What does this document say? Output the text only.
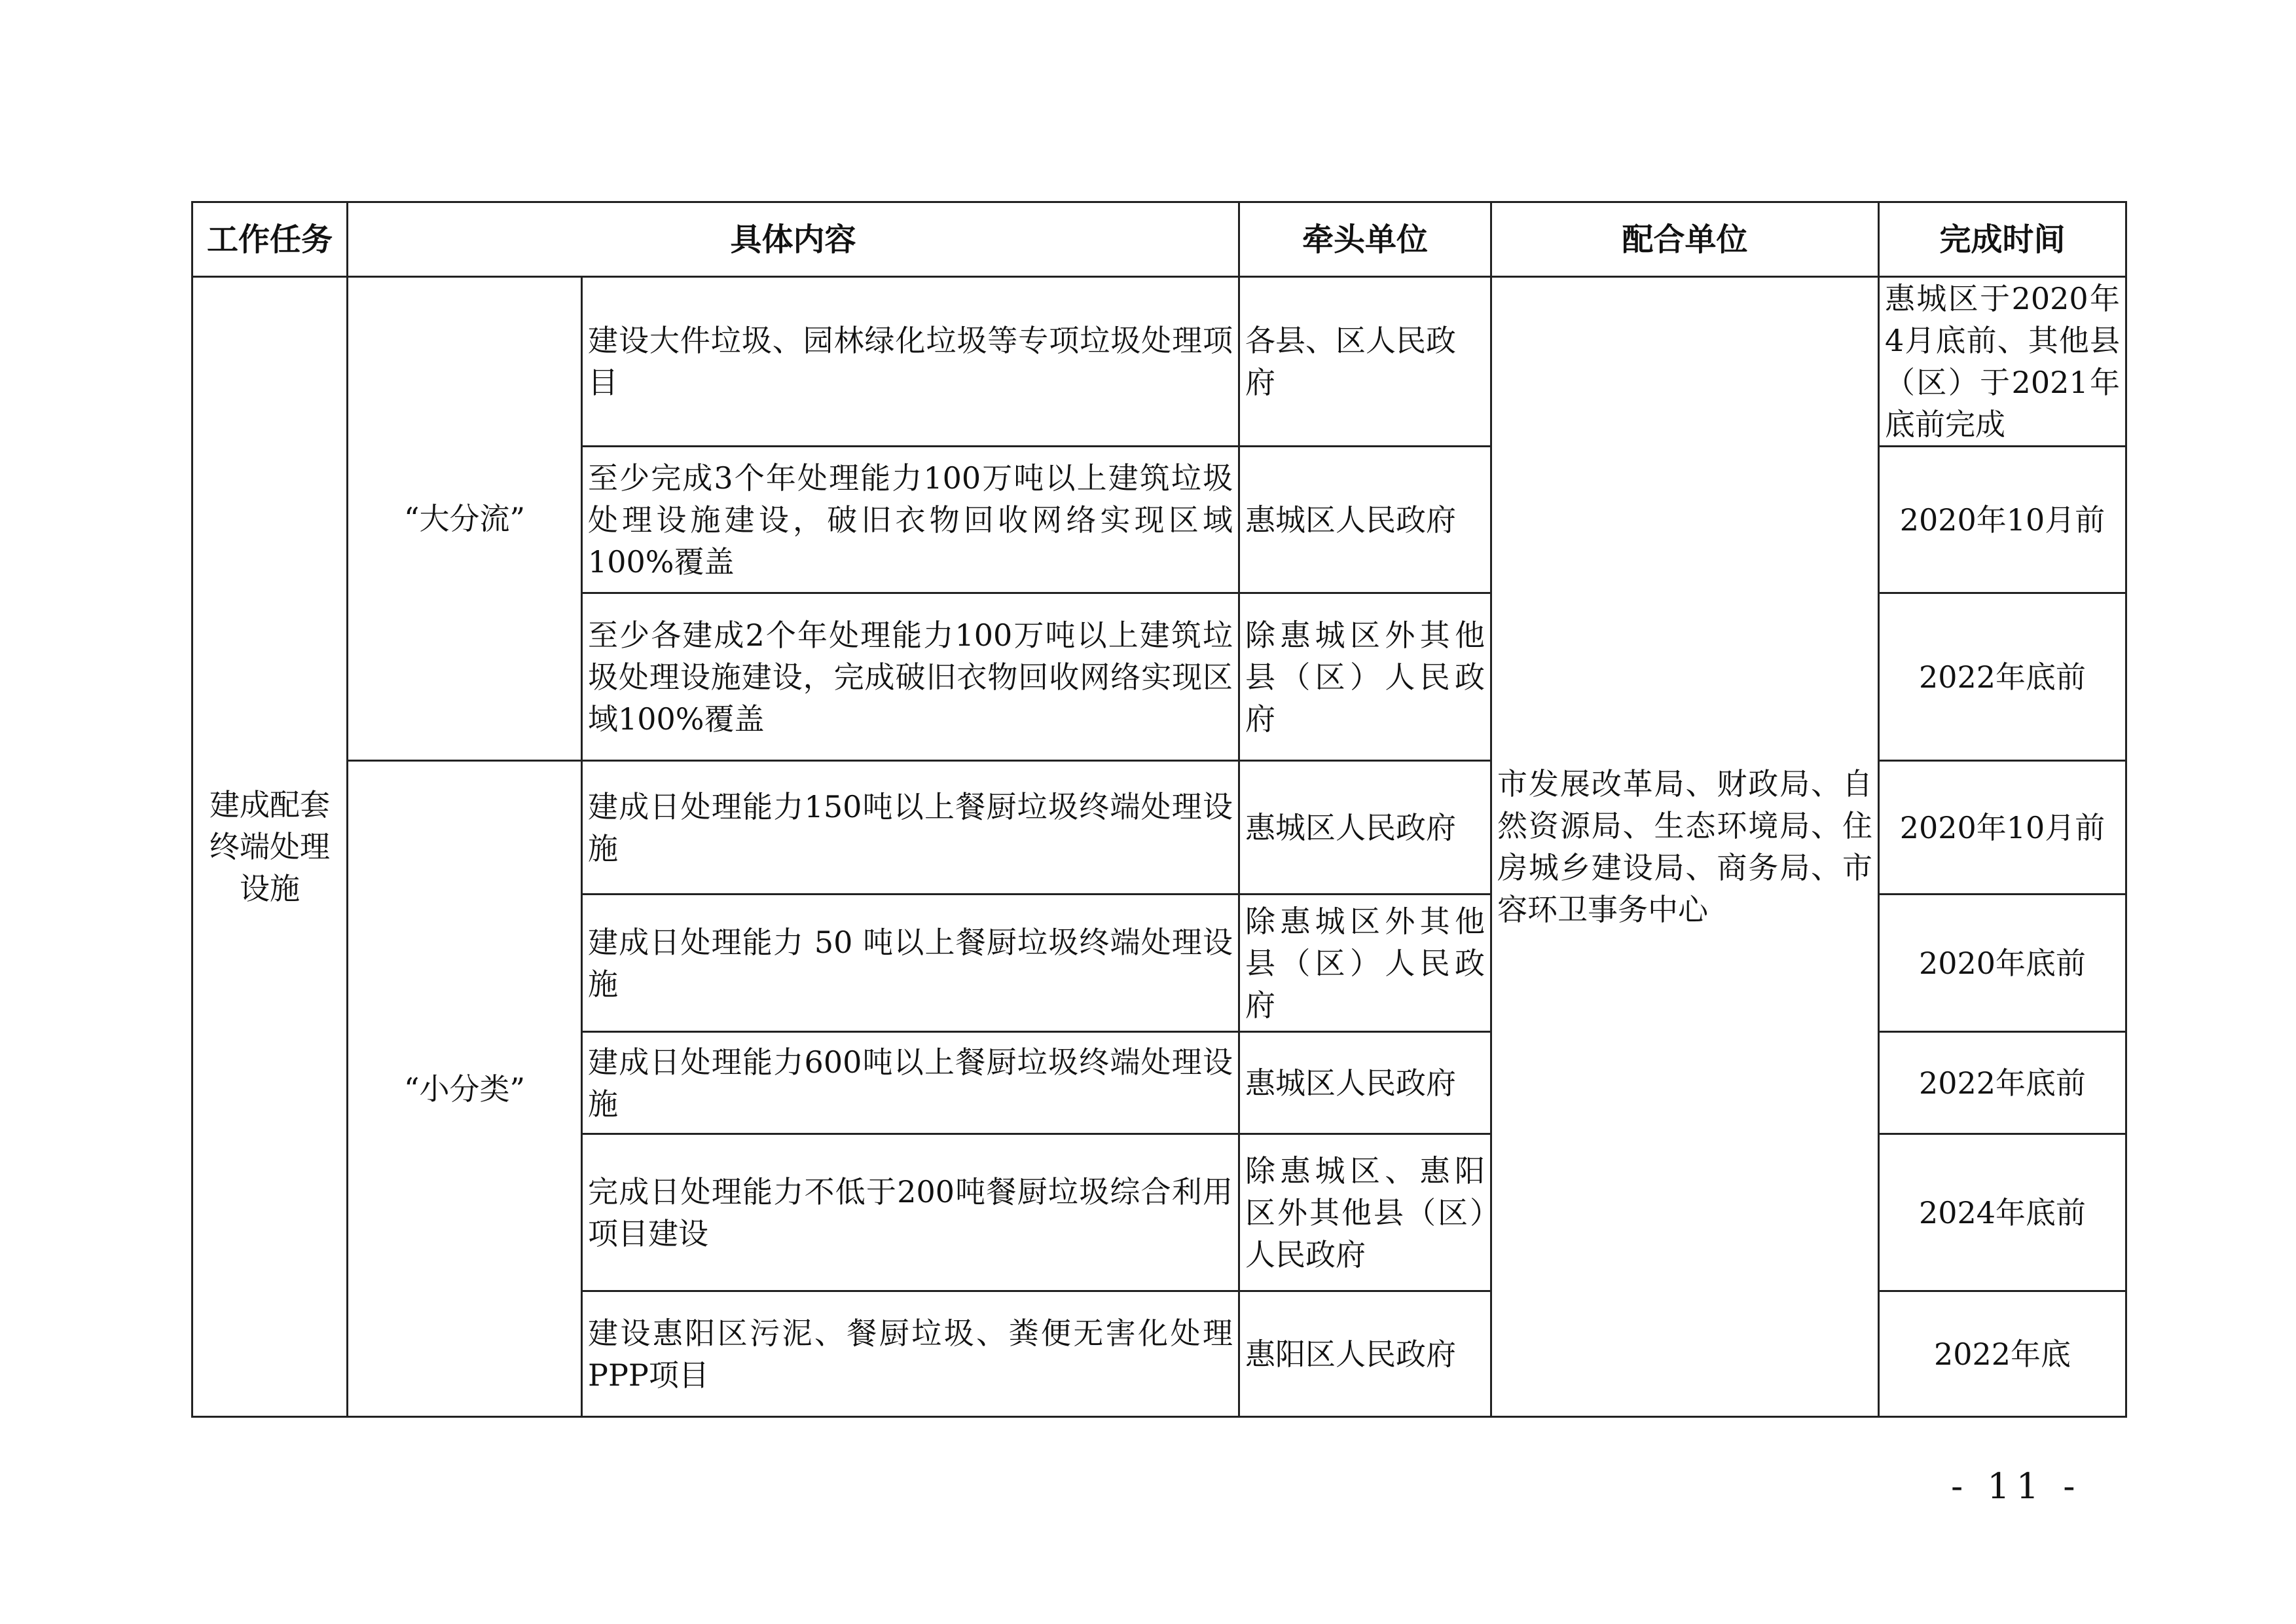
工作任务	具体内容		牵头单位	配合单位	完成时间
建成配套终端处理设施	“大分流”	建设大件垃圾、园林绿化垃圾等专项垃圾处理项目	各县、区人民政府	市发展改革局、财政局、自然资源局、生态环境局、住房城乡建设局、商务局、市容环卫事务中心	惠城区于2020年4月底前、其他县（区）于2021年底前完成
		至少完成3个年处理能力100万吨以上建筑垃圾处理设施建设，破旧衣物回收网络实现区域100%覆盖	惠城区人民政府		2020年10月前
		至少各建成2个年处理能力100万吨以上建筑垃圾处理设施建设，完成破旧衣物回收网络实现区域100%覆盖	除惠城区外其他县（区）人民政府		2022年底前
	“小分类”	建成日处理能力150吨以上餐厨垃圾终端处理设施	惠城区人民政府		2020年10月前
		建成日处理能力 50 吨以上餐厨垃圾终端处理设施	除惠城区外其他县（区）人民政府		2020年底前
		建成日处理能力600吨以上餐厨垃圾终端处理设施	惠城区人民政府		2022年底前
		完成日处理能力不低于200吨餐厨垃圾综合利用项目建设	除惠城区、惠阳区外其他县（区）人民政府		2024年底前
		建设惠阳区污泥、餐厨垃圾、粪便无害化处理PPP项目	惠阳区人民政府		2022年底
- 11 -
